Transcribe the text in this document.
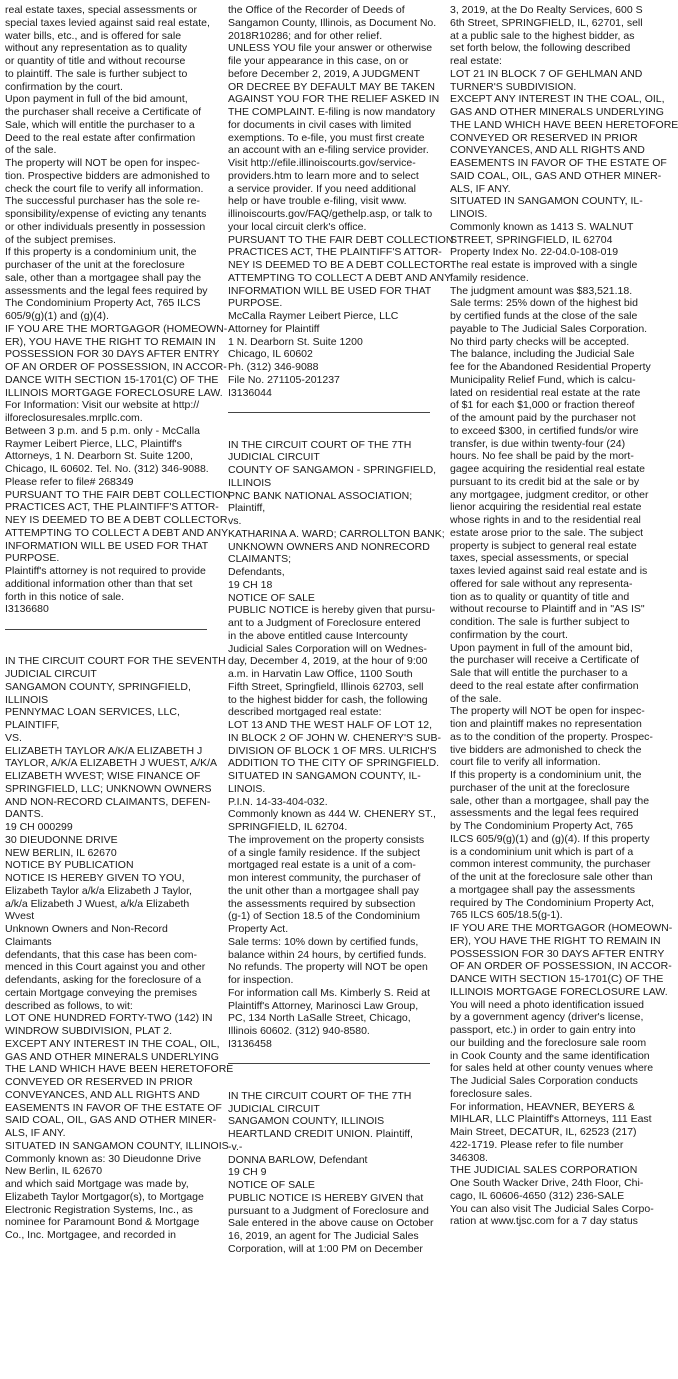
real estate taxes, special assessments or
special taxes levied against said real estate,
water bills, etc., and is offered for sale
without any representation as to quality
or quantity of title and without recourse
to plaintiff. The sale is further subject to
confirmation by the court.
Upon payment in full of the bid amount,
the purchaser shall receive a Certificate of
Sale, which will entitle the purchaser to a
Deed to the real estate after confirmation
of the sale.
The property will NOT be open for inspec-
tion. Prospective bidders are admonished to
check the court file to verify all information.
The successful purchaser has the sole re-
sponsibility/expense of evicting any tenants
or other individuals presently in possession
of the subject premises.
If this property is a condominium unit, the
purchaser of the unit at the foreclosure
sale, other than a mortgagee shall pay the
assessments and the legal fees required by
The Condominium Property Act, 765 ILCS
605/9(g)(1) and (g)(4).
IF YOU ARE THE MORTGAGOR (HOMEOWN-
ER), YOU HAVE THE RIGHT TO REMAIN IN
POSSESSION FOR 30 DAYS AFTER ENTRY
OF AN ORDER OF POSSESSION, IN ACCOR-
DANCE WITH SECTION 15-1701(C) OF THE
ILLINOIS MORTGAGE FORECLOSURE LAW.
For Information: Visit our website at http://
ilforeclosuresales.mrpllc.com.
Between 3 p.m. and 5 p.m. only - McCalla
Raymer Leibert Pierce, LLC, Plaintiff's
Attorneys, 1 N. Dearborn St. Suite 1200,
Chicago, IL 60602. Tel. No. (312) 346-9088.
Please refer to file# 268349
PURSUANT TO THE FAIR DEBT COLLECTION
PRACTICES ACT, THE PLAINTIFF'S ATTOR-
NEY IS DEEMED TO BE A DEBT COLLECTOR
ATTEMPTING TO COLLECT A DEBT AND ANY
INFORMATION WILL BE USED FOR THAT
PURPOSE.
Plaintiff's attorney is not required to provide
additional information other than that set
forth in this notice of sale.
I3136680
IN THE CIRCUIT COURT FOR THE SEVENTH
JUDICIAL CIRCUIT
SANGAMON COUNTY, SPRINGFIELD,
ILLINOIS
PENNYMAC LOAN SERVICES, LLC,
PLAINTIFF,
VS.
ELIZABETH TAYLOR A/K/A ELIZABETH J
TAYLOR, A/K/A ELIZABETH J WUEST, A/K/A
ELIZABETH WVEST; WISE FINANCE OF
SPRINGFIELD, LLC; UNKNOWN OWNERS
AND NON-RECORD CLAIMANTS, DEFEN-
DANTS.
19 CH 000299
30 DIEUDONNE DRIVE
NEW BERLIN, IL 62670
NOTICE BY PUBLICATION
NOTICE IS HEREBY GIVEN TO YOU,
Elizabeth Taylor a/k/a Elizabeth J Taylor,
a/k/a Elizabeth J Wuest, a/k/a Elizabeth
Wvest
Unknown Owners and Non-Record
Claimants
defendants, that this case has been com-
menced in this Court against you and other
defendants, asking for the foreclosure of a
certain Mortgage conveying the premises
described as follows, to wit:
LOT ONE HUNDRED FORTY-TWO (142) IN
WINDROW SUBDIVISION, PLAT 2.
EXCEPT ANY INTEREST IN THE COAL, OIL,
GAS AND OTHER MINERALS UNDERLYING
THE LAND WHICH HAVE BEEN HERETOFORE
CONVEYED OR RESERVED IN PRIOR
CONVEYANCES, AND ALL RIGHTS AND
EASEMENTS IN FAVOR OF THE ESTATE OF
SAID COAL, OIL, GAS AND OTHER MINER-
ALS, IF ANY.
SITUATED IN SANGAMON COUNTY, ILLINOIS
Commonly known as: 30 Dieudonne Drive
New Berlin, IL 62670
and which said Mortgage was made by,
Elizabeth Taylor Mortgagor(s), to Mortgage
Electronic Registration Systems, Inc., as
nominee for Paramount Bond & Mortgage
Co., Inc. Mortgagee, and recorded in
the Office of the Recorder of Deeds of
Sangamon County, Illinois, as Document No.
2018R10286; and for other relief.
UNLESS YOU file your answer or otherwise
file your appearance in this case, on or
before December 2, 2019, A JUDGMENT
OR DECREE BY DEFAULT MAY BE TAKEN
AGAINST YOU FOR THE RELIEF ASKED IN
THE COMPLAINT. E-filing is now mandatory
for documents in civil cases with limited
exemptions. To e-file, you must first create
an account with an e-filing service provider.
Visit http://efile.illinoiscourts.gov/service-
providers.htm to learn more and to select
a service provider. If you need additional
help or have trouble e-filing, visit www.
illinoiscourts.gov/FAQ/gethelp.asp, or talk to
your local circuit clerk's office.
PURSUANT TO THE FAIR DEBT COLLECTION
PRACTICES ACT, THE PLAINTIFF'S ATTOR-
NEY IS DEEMED TO BE A DEBT COLLECTOR
ATTEMPTING TO COLLECT A DEBT AND ANY
INFORMATION WILL BE USED FOR THAT
PURPOSE.
McCalla Raymer Leibert Pierce, LLC
Attorney for Plaintiff
1 N. Dearborn St. Suite 1200
Chicago, IL 60602
Ph. (312) 346-9088
File No. 271105-201237
I3136044
IN THE CIRCUIT COURT OF THE 7TH
JUDICIAL CIRCUIT
COUNTY OF SANGAMON - SPRINGFIELD,
ILLINOIS
PNC BANK NATIONAL ASSOCIATION;
Plaintiff,
vs.
KATHARINA A. WARD; CARROLLTON BANK;
UNKNOWN OWNERS AND NONRECORD
CLAIMANTS;
Defendants,
19 CH 18
NOTICE OF SALE
PUBLIC NOTICE is hereby given that pursu-
ant to a Judgment of Foreclosure entered
in the above entitled cause Intercounty
Judicial Sales Corporation will on Wednes-
day, December 4, 2019, at the hour of 9:00
a.m. in Harvatin Law Office, 1100 South
Fifth Street, Springfield, Illinois 62703, sell
to the highest bidder for cash, the following
described mortgaged real estate:
LOT 13 AND THE WEST HALF OF LOT 12,
IN BLOCK 2 OF JOHN W. CHENERY'S SUB-
DIVISION OF BLOCK 1 OF MRS. ULRICH'S
ADDITION TO THE CITY OF SPRINGFIELD.
SITUATED IN SANGAMON COUNTY, IL-
LINOIS.
P.I.N. 14-33-404-032.
Commonly known as 444 W. CHENERY ST.,
SPRINGFIELD, IL 62704.
The improvement on the property consists
of a single family residence. If the subject
mortgaged real estate is a unit of a com-
mon interest community, the purchaser of
the unit other than a mortgagee shall pay
the assessments required by subsection
(g-1) of Section 18.5 of the Condominium
Property Act.
Sale terms: 10% down by certified funds,
balance within 24 hours, by certified funds.
No refunds. The property will NOT be open
for inspection.
For information call Ms. Kimberly S. Reid at
Plaintiff's Attorney, Marinosci Law Group,
PC, 134 North LaSalle Street, Chicago,
Illinois 60602. (312) 940-8580.
I3136458
IN THE CIRCUIT COURT OF THE 7TH
JUDICIAL CIRCUIT
SANGAMON COUNTY, ILLINOIS
HEARTLAND CREDIT UNION. Plaintiff,
-v.-
DONNA BARLOW, Defendant
19 CH 9
NOTICE OF SALE
PUBLIC NOTICE IS HEREBY GIVEN that
pursuant to a Judgment of Foreclosure and
Sale entered in the above cause on October
16, 2019, an agent for The Judicial Sales
Corporation, will at 1:00 PM on December
3, 2019, at the Do Realty Services, 600 S
6th Street, SPRINGFIELD, IL, 62701, sell
at a public sale to the highest bidder, as
set forth below, the following described
real estate:
LOT 21 IN BLOCK 7 OF GEHLMAN AND
TURNER'S SUBDIVISION.
EXCEPT ANY INTEREST IN THE COAL, OIL,
GAS AND OTHER MINERALS UNDERLYING
THE LAND WHICH HAVE BEEN HERETOFORE
CONVEYED OR RESERVED IN PRIOR
CONVEYANCES, AND ALL RIGHTS AND
EASEMENTS IN FAVOR OF THE ESTATE OF
SAID COAL, OIL, GAS AND OTHER MINER-
ALS, IF ANY.
SITUATED IN SANGAMON COUNTY, IL-
LINOIS.
Commonly known as 1413 S. WALNUT
STREET, SPRINGFIELD, IL 62704
Property Index No. 22-04.0-108-019
The real estate is improved with a single
family residence.
The judgment amount was $83,521.18.
Sale terms: 25% down of the highest bid
by certified funds at the close of the sale
payable to The Judicial Sales Corporation.
No third party checks will be accepted.
The balance, including the Judicial Sale
fee for the Abandoned Residential Property
Municipality Relief Fund, which is calcu-
lated on residential real estate at the rate
of $1 for each $1,000 or fraction thereof
of the amount paid by the purchaser not
to exceed $300, in certified funds/or wire
transfer, is due within twenty-four (24)
hours. No fee shall be paid by the mort-
gagee acquiring the residential real estate
pursuant to its credit bid at the sale or by
any mortgagee, judgment creditor, or other
lienor acquiring the residential real estate
whose rights in and to the residential real
estate arose prior to the sale. The subject
property is subject to general real estate
taxes, special assessments, or special
taxes levied against said real estate and is
offered for sale without any representa-
tion as to quality or quantity of title and
without recourse to Plaintiff and in "AS IS"
condition. The sale is further subject to
confirmation by the court.
Upon payment in full of the amount bid,
the purchaser will receive a Certificate of
Sale that will entitle the purchaser to a
deed to the real estate after confirmation
of the sale.
The property will NOT be open for inspec-
tion and plaintiff makes no representation
as to the condition of the property. Prospec-
tive bidders are admonished to check the
court file to verify all information.
If this property is a condominium unit, the
purchaser of the unit at the foreclosure
sale, other than a mortgagee, shall pay the
assessments and the legal fees required
by The Condominium Property Act, 765
ILCS 605/9(g)(1) and (g)(4). If this property
is a condominium unit which is part of a
common interest community, the purchaser
of the unit at the foreclosure sale other than
a mortgagee shall pay the assessments
required by The Condominium Property Act,
765 ILCS 605/18.5(g-1).
IF YOU ARE THE MORTGAGOR (HOMEOWN-
ER), YOU HAVE THE RIGHT TO REMAIN IN
POSSESSION FOR 30 DAYS AFTER ENTRY
OF AN ORDER OF POSSESSION, IN ACCOR-
DANCE WITH SECTION 15-1701(C) OF THE
ILLINOIS MORTGAGE FORECLOSURE LAW.
You will need a photo identification issued
by a government agency (driver's license,
passport, etc.) in order to gain entry into
our building and the foreclosure sale room
in Cook County and the same identification
for sales held at other county venues where
The Judicial Sales Corporation conducts
foreclosure sales.
For information, HEAVNER, BEYERS &
MIHLAR, LLC Plaintiff's Attorneys, 111 East
Main Street, DECATUR, IL, 62523 (217)
422-1719. Please refer to file number
346308.
THE JUDICIAL SALES CORPORATION
One South Wacker Drive, 24th Floor, Chi-
cago, IL 60606-4650 (312) 236-SALE
You can also visit The Judicial Sales Corpo-
ration at www.tjsc.com for a 7 day status
